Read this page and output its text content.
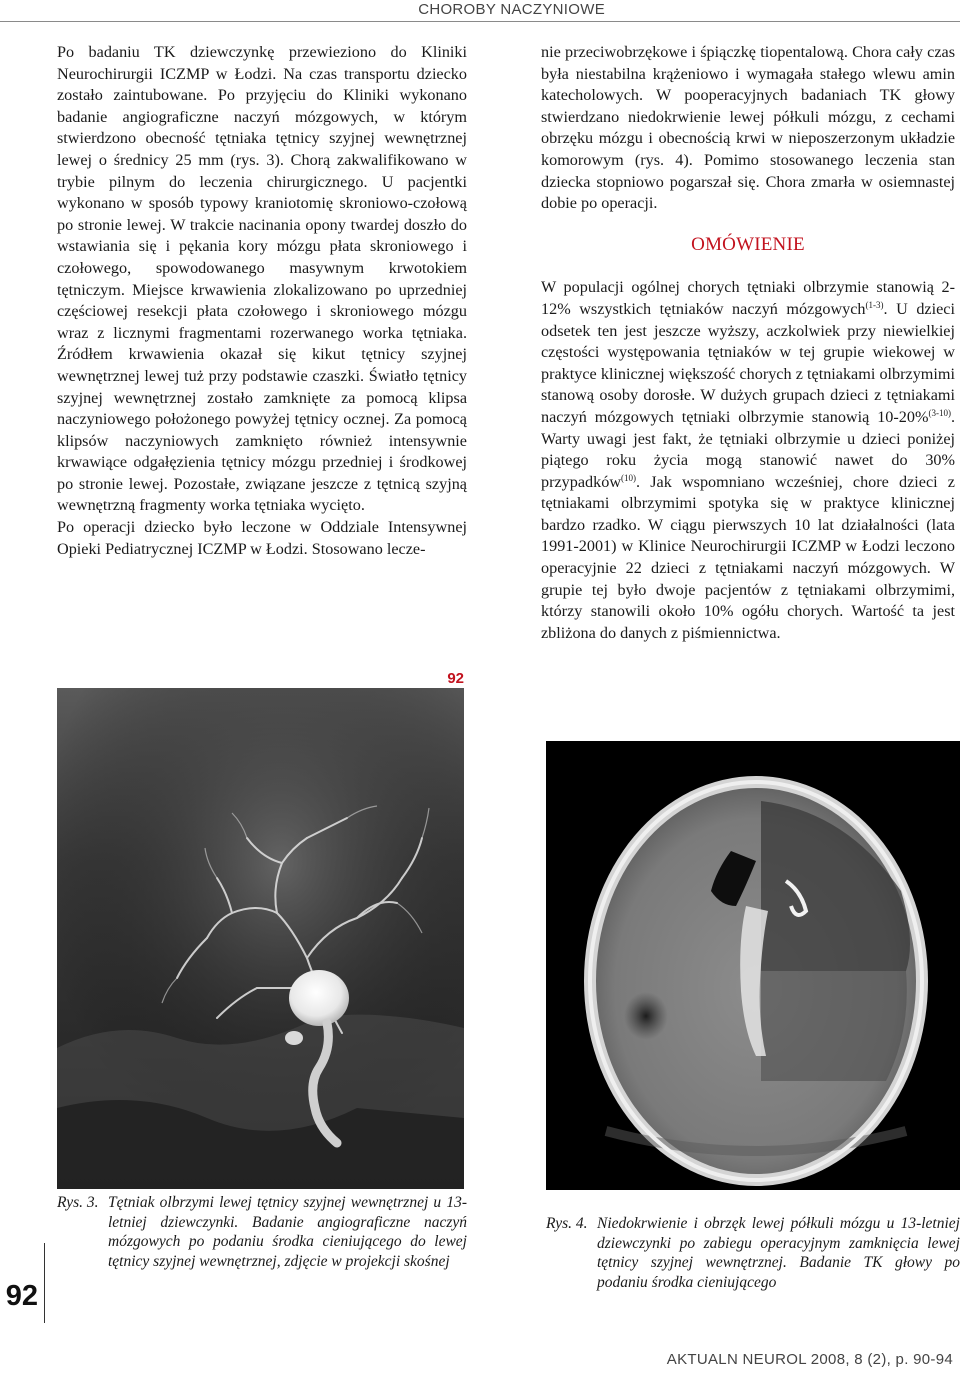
CHOROBY NACZYNIOWE

Po badaniu TK dziewczynkę przewieziono do Kliniki Neurochirurgii ICZMP w Łodzi. Na czas transportu dziecko zostało zaintubowane. Po przyjęciu do Kliniki wykonano badanie angiograficzne naczyń mózgowych, w którym stwierdzono obecność tętniaka tętnicy szyjnej wewnętrznej lewej o średnicy 25 mm (rys. 3). Chorą zakwalifikowano w trybie pilnym do leczenia chirurgicznego. U pacjentki wykonano w sposób typowy kraniotomię skroniowo-czołową po stronie lewej. W trakcie nacinania opony twardej doszło do wstawiania się i pękania kory mózgu płata skroniowego i czołowego, spowodowanego masywnym krwotokiem tętniczym. Miejsce krwawienia zlokalizowano po uprzedniej częściowej resekcji płata czołowego i skroniowego mózgu wraz z licznymi fragmentami rozerwanego worka tętniaka. Źródłem krwawienia okazał się kikut tętnicy szyjnej wewnętrznej lewej tuż przy podstawie czaszki. Światło tętnicy szyjnej wewnętrznej zostało zamknięte za pomocą klipsa naczyniowego położonego powyżej tętnicy ocznej. Za pomocą klipsów naczyniowych zamknięto również intensywnie krwawiące odgałęzienia tętnicy mózgu przedniej i środkowej po stronie lewej. Pozostałe, związane jeszcze z tętnicą szyjną wewnętrzną fragmenty worka tętniaka wycięto.

Po operacji dziecko było leczone w Oddziale Intensywnej Opieki Pediatrycznej ICZMP w Łodzi. Stosowano lecze-

nie przeciwobrzękowe i śpiączkę tiopentalową. Chora cały czas była niestabilna krążeniowo i wymagała stałego wlewu amin katecholowych. W pooperacyjnych badaniach TK głowy stwierdzano niedokrwienie lewej półkuli mózgu, z cechami obrzęku mózgu i obecnością krwi w nieposzerzonym układzie komorowym (rys. 4). Pomimo stosowanego leczenia stan dziecka stopniowo pogarszał się. Chora zmarła w osiemnastej dobie po operacji.

OMÓWIENIE

W populacji ogólnej chorych tętniaki olbrzymie stanowią 2-12% wszystkich tętniaków naczyń mózgowych$^{(1-3)}$. U dzieci odsetek ten jest jeszcze wyższy, aczkolwiek przy niewielkiej częstości występowania tętniaków w tej grupie wiekowej w praktyce klinicznej większość chorych z tętniakami olbrzymimi stanową osoby dorosłe. W dużych grupach dzieci z tętniakami naczyń mózgowych tętniaki olbrzymie stanowią 10-20%$^{(3-10)}$. Warty uwagi jest fakt, że tętniaki olbrzymie u dzieci poniżej piątego roku życia mogą stanowić nawet do 30% przypadków$^{(10)}$. Jak wspomniano wcześniej, chore dzieci z tętniakami olbrzymimi spotyka się w praktyce klinicznej bardzo rzadko. W ciągu pierwszych 10 lat działalności (lata 1991-2001) w Klinice Neurochirurgii ICZMP w Łodzi leczono operacyjnie 22 dzieci z tętniakami naczyń mózgowych. W grupie tej było dwoje pacjentów z tętniakami olbrzymimi, którzy stanowili około 10% ogółu chorych. Wartość ta jest zbliżona do danych z piśmiennictwa.

92
Rys. 3. Tętniak olbrzymi lewej tętnicy szyjnej wewnętrznej u 13-letniej dziewczynki. Badanie angiograficzne naczyń mózgowych po podaniu środka cieniującego do lewej tętnicy szyjnej wewnętrznej, zdjęcie w projekcji skośnej
Rys. 4. Niedokrwienie i obrzęk lewej półkuli mózgu u 13-letniej dziewczynki po zabiegu operacyjnym zamknięcia lewej tętnicy szyjnej wewnętrznej. Badanie TK głowy po podaniu środka cieniującego
92
AKTUALN NEUROL 2008, 8 (2), p. 90-94
